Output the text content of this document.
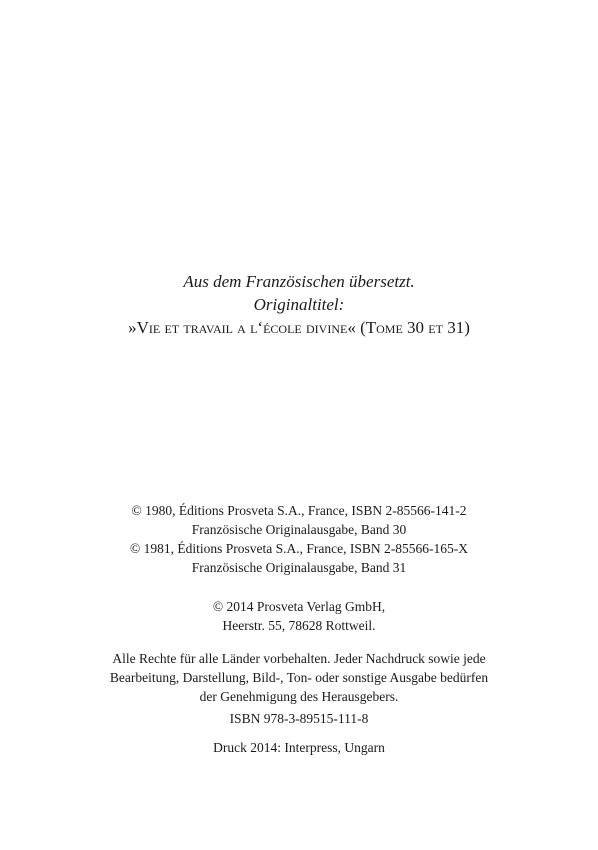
Aus dem Französischen übersetzt.
Originaltitel:
»Vie et travail a l‘école divine« (Tome 30 et 31)
© 1980, Éditions Prosveta S.A., France, ISBN 2-85566-141-2
Französische Originalausgabe, Band 30
© 1981, Éditions Prosveta S.A., France, ISBN 2-85566-165-X
Französische Originalausgabe, Band 31
© 2014 Prosveta Verlag GmbH,
Heerstr. 55, 78628 Rottweil.
Alle Rechte für alle Länder vorbehalten. Jeder Nachdruck sowie jede
Bearbeitung, Darstellung, Bild-, Ton- oder sonstige Ausgabe bedürfen
der Genehmigung des Herausgebers.
ISBN 978-3-89515-111-8
Druck 2014: Interpress, Ungarn
